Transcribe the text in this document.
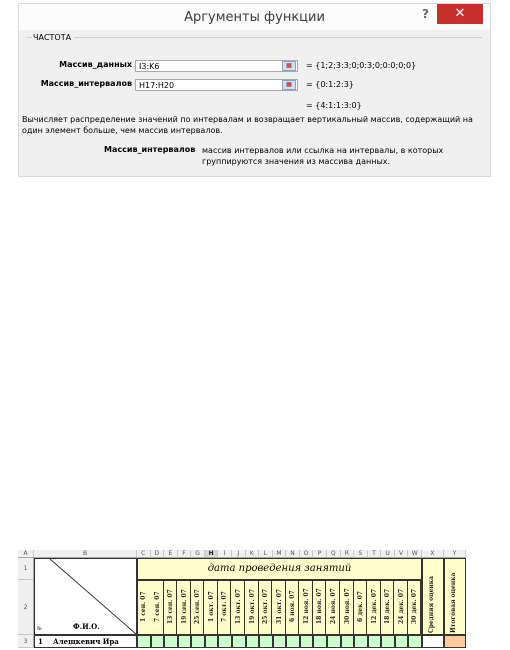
Аргументы функции	?	✕
ЧАСТОТА
Массив_данных I3:K6	▦	= {1;2;3:3;0;0:3;0;0:0;0;0}
Массив_интервалов H17:H20	▦	= {0:1:2:3}
= {4:1:1:3:0}
Вычисляет распределение значений по интервалам и возвращает вертикальный массив, содержащий на один элемент больше, чем массив интервалов.
Массив_интервалов массив интервалов или ссылка на интервалы, в которых группируются значения из массива данных.
A	B	C	D	E	F	G	H	I	J	K	L	M	N	O	P	Q	R	S	T	U	V	W	X	Y
1
2
3
№	Ф.И.О.
дата проведения занятий
1 сен. 07	7 сен. 07	13 сен. 07	19 сен. 07	25 сен. 07	1 окт. 07	7 окт. 07	13 окт. 07	19 окт. 07	25 окт. 07	31 окт. 07	6 ноя. 07	12 ноя. 07	18 ноя. 07	24 ноя. 07	30 ноя. 07	6 дек. 07	12 дек. 07	18 дек. 07	24 дек. 07	30 дек. 07	Средняя оценка	Итоговая оценка
1 Алещкевич Ира
